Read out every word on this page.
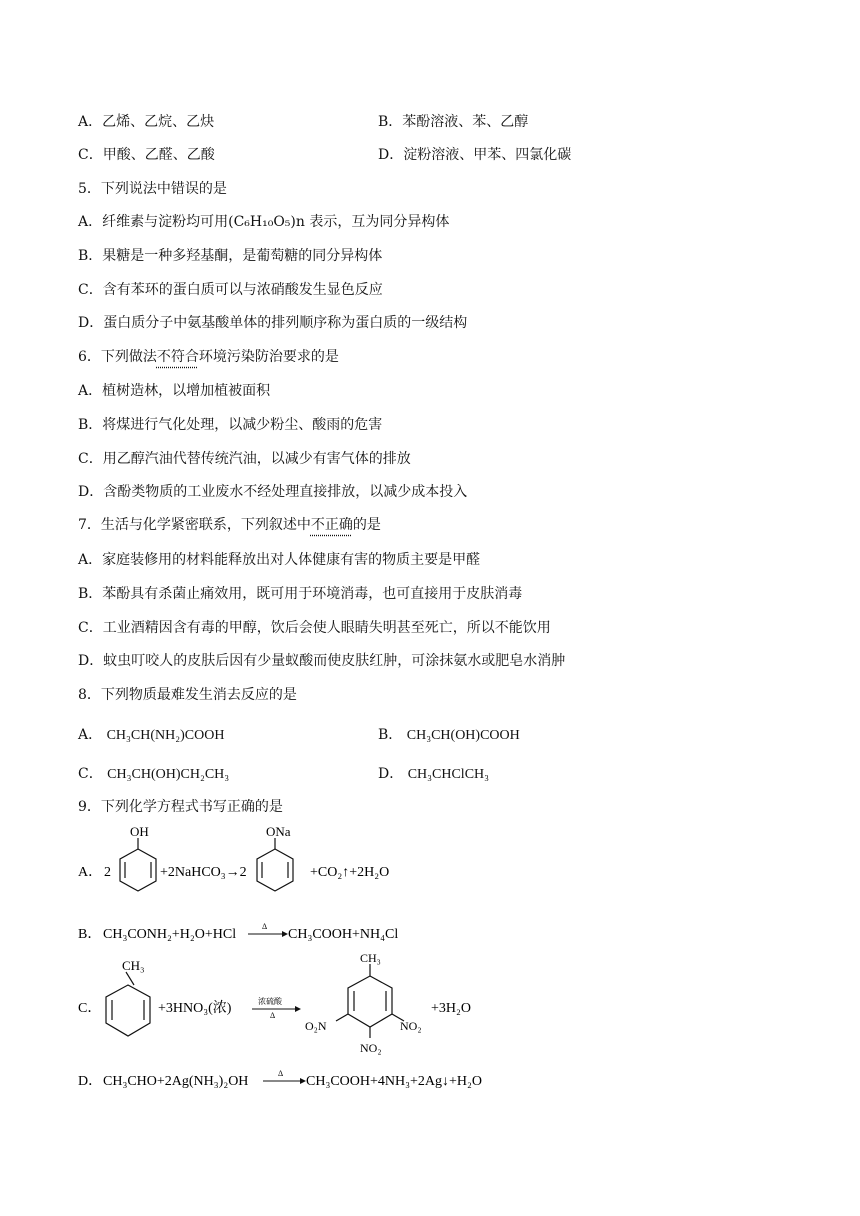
A．乙烯、乙烷、乙炔	B．苯酚溶液、苯、乙醇
C．甲酸、乙醛、乙酸	D．淀粉溶液、甲苯、四氯化碳
5．下列说法中错误的是
A．纤维素与淀粉均可用(C₆H₁₀O₅)n 表示，互为同分异构体
B．果糖是一种多羟基酮，是葡萄糖的同分异构体
C．含有苯环的蛋白质可以与浓硝酸发生显色反应
D．蛋白质分子中氨基酸单体的排列顺序称为蛋白质的一级结构
6．下列做法不符合环境污染防治要求的是
A．植树造林，以增加植被面积
B．将煤进行气化处理，以减少粉尘、酸雨的危害
C．用乙醇汽油代替传统汽油，以减少有害气体的排放
D．含酚类物质的工业废水不经处理直接排放，以减少成本投入
7．生活与化学紧密联系，下列叙述中不正确的是
A．家庭装修用的材料能释放出对人体健康有害的物质主要是甲醛
B．苯酚具有杀菌止痛效用，既可用于环境消毒，也可直接用于皮肤消毒
C．工业酒精因含有毒的甲醇，饮后会使人眼睛失明甚至死亡，所以不能饮用
D．蚊虫叮咬人的皮肤后因有少量蚁酸而使皮肤红肿，可涂抹氨水或肥皂水消肿
8．下列物质最难发生消去反应的是
A． CH₃CH(NH₂)COOH	B． CH₃CH(OH)COOH
C． CH₃CH(OH)CH₂CH₃	D． CH₃CHClCH₃
9．下列化学方程式书写正确的是
A． 2
OH
+2NaHCO₃→2
ONa
+CO₂↑+2H₂O
B． CH₃CONH₂+H₂O+HCl
Δ
CH₃COOH+NH₄Cl
C．
CH₃
+3HNO₃(浓)	浓硫酸
Δ
CH₃
O₂N	NO₂
NO₂
+3H₂O
D． CH₃CHO+2Ag(NH₃)₂OH
Δ
CH₃COOH+4NH₃+2Ag↓+H₂O
